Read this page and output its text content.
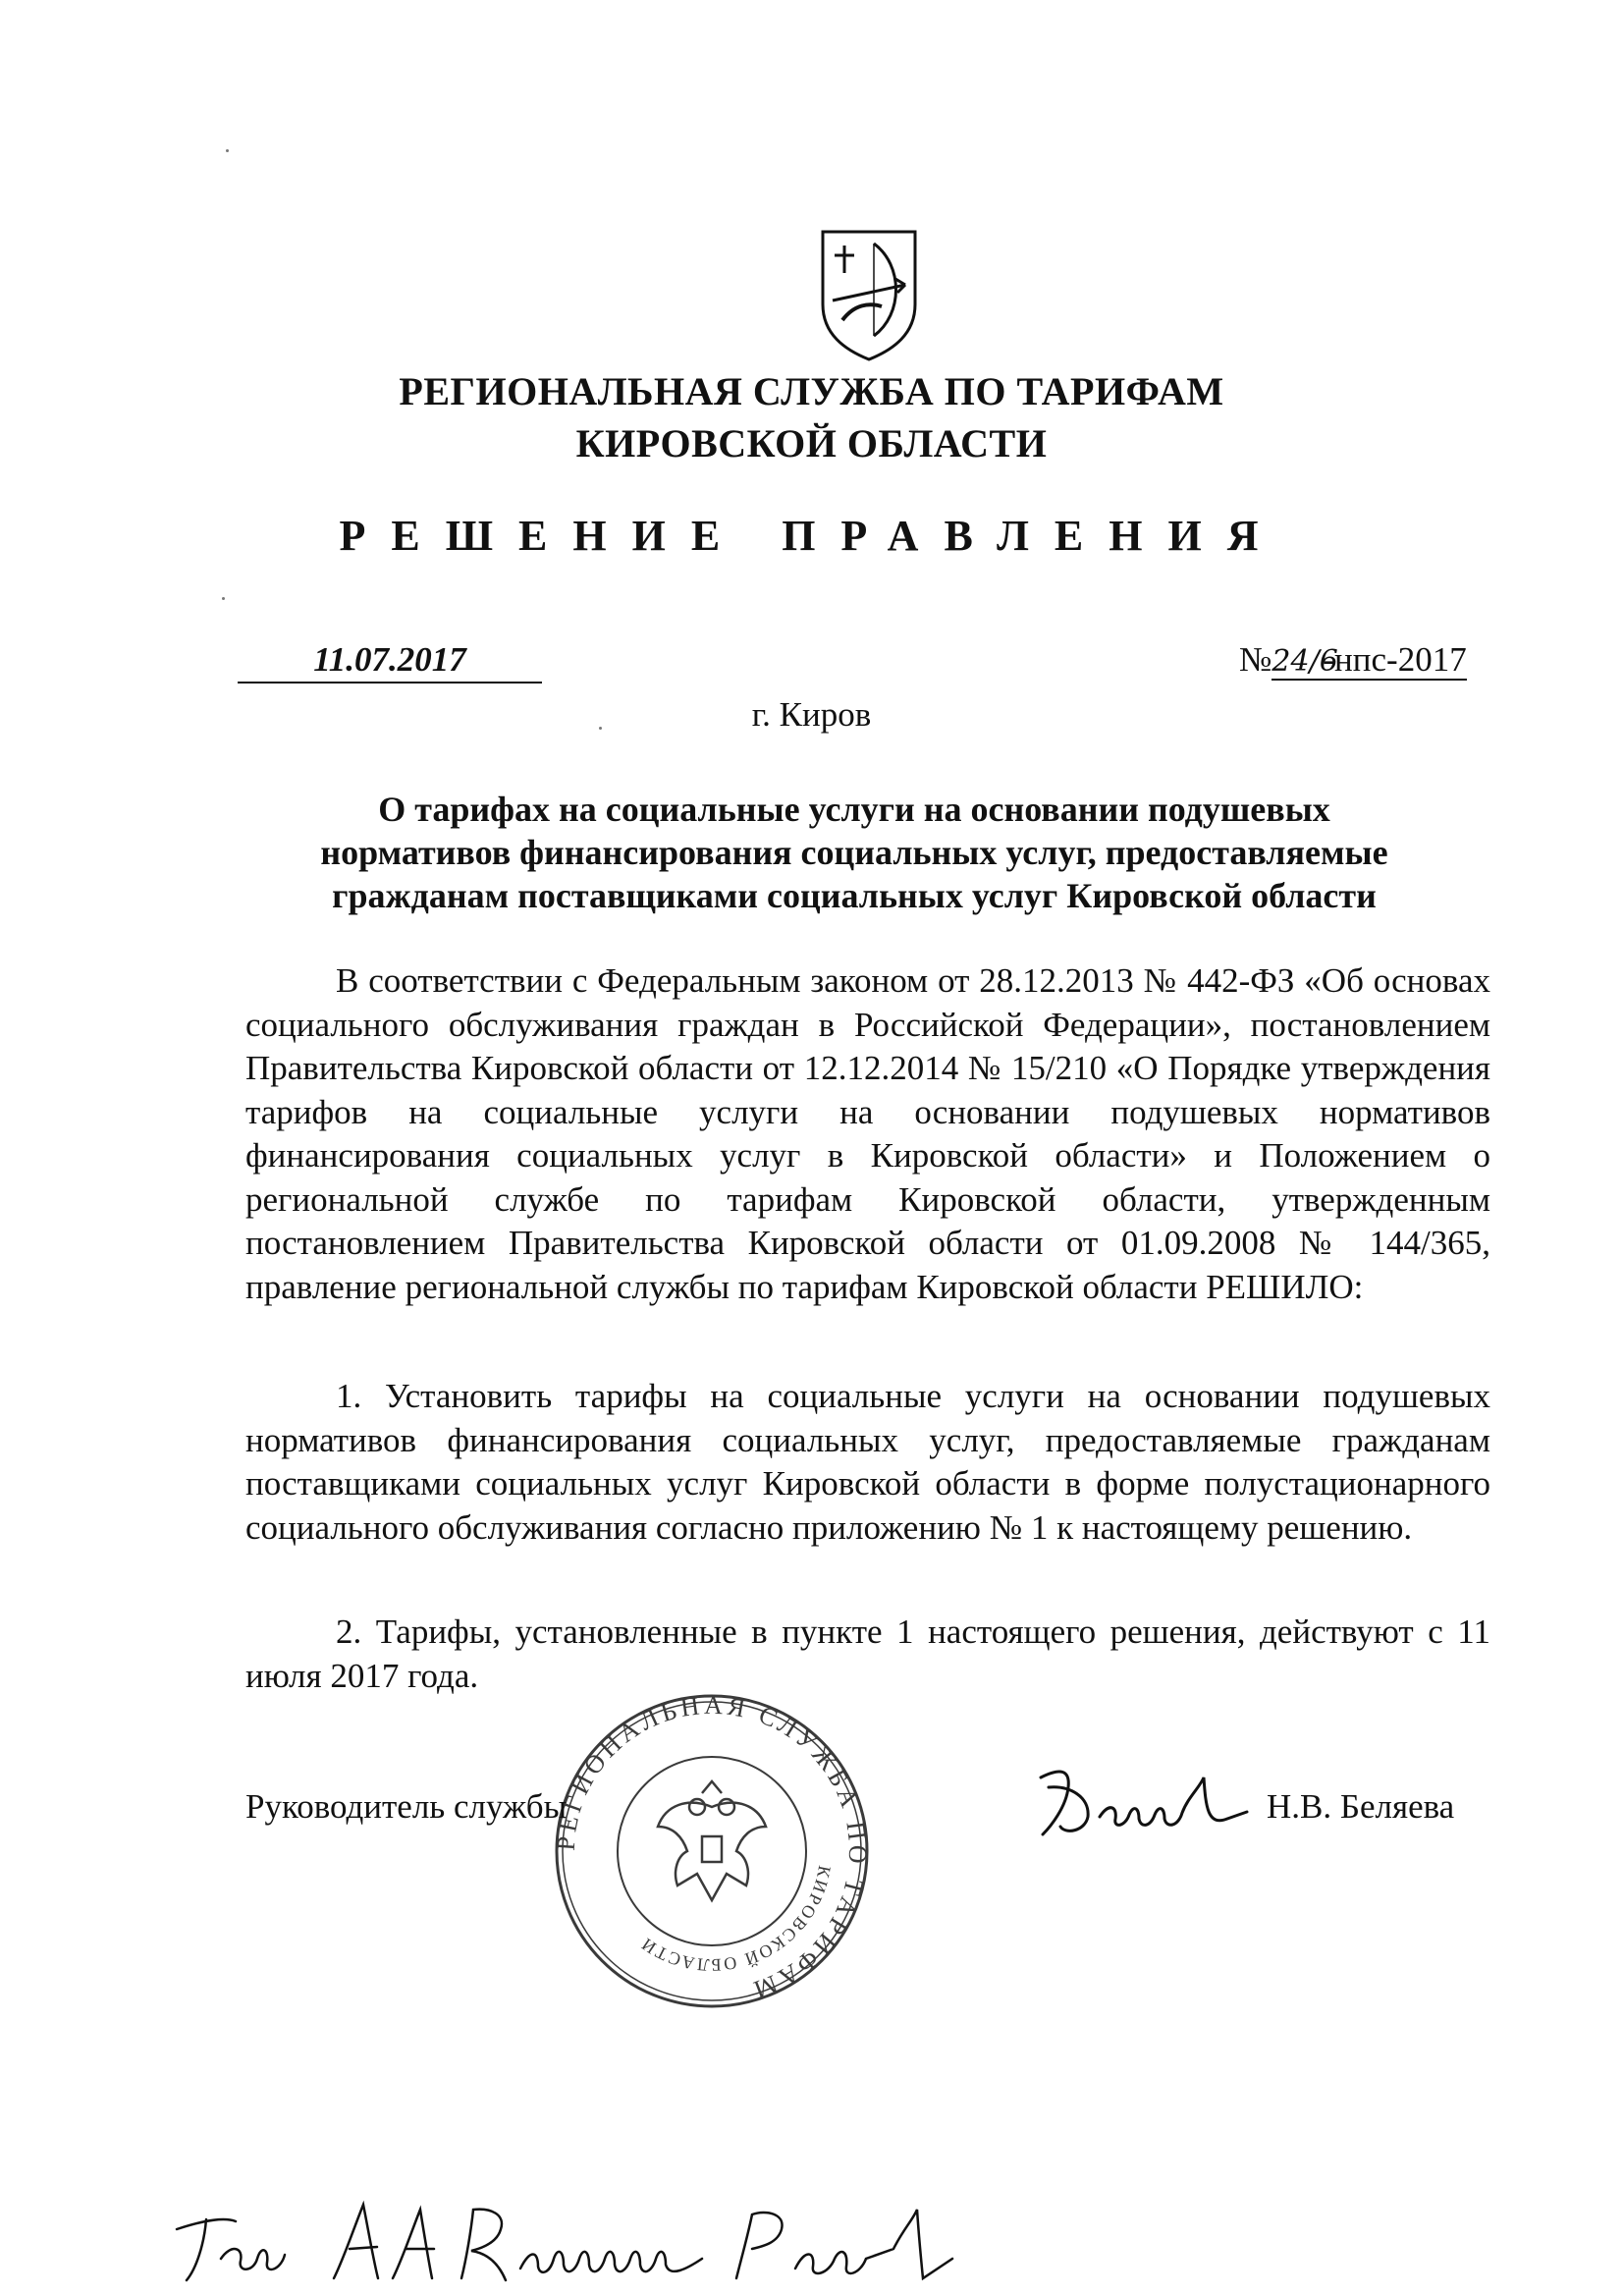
РЕГИОНАЛЬНАЯ СЛУЖБА ПО ТАРИФАМ
КИРОВСКОЙ ОБЛАСТИ
РЕШЕНИЕ ПРАВЛЕНИЯ
11.07.2017	№24/6-нпс-2017
г. Киров
О тарифах на социальные услуги на основании подушевых
нормативов финансирования социальных услуг, предоставляемые
гражданам поставщиками социальных услуг Кировской области

В соответствии с Федеральным законом от 28.12.2013 № 442-ФЗ «Об основах социального обслуживания граждан в Российской Федерации», постановлением Правительства Кировской области от 12.12.2014 № 15/210 «О Порядке утверждения тарифов на социальные услуги на основании подушевых нормативов финансирования социальных услуг в Кировской области» и Положением о региональной службе по тарифам Кировской области, утвержденным постановлением Правительства Кировской области от 01.09.2008 № 144/365, правление региональной службы по тарифам Кировской области РЕШИЛО:

1. Установить тарифы на социальные услуги на основании подушевых нормативов финансирования социальных услуг, предоставляемые гражданам поставщиками социальных услуг Кировской области в форме полустационарного социального обслуживания согласно приложению № 1 к настоящему решению.

2. Тарифы, установленные в пункте 1 настоящего решения, действуют с 11 июля 2017 года.

РЕГИОНАЛЬНАЯ СЛУЖБА ПО ТАРИФАМ
КИРОВСКОЙ ОБЛАСТИ
Руководитель службы	Н.В. Беляева
